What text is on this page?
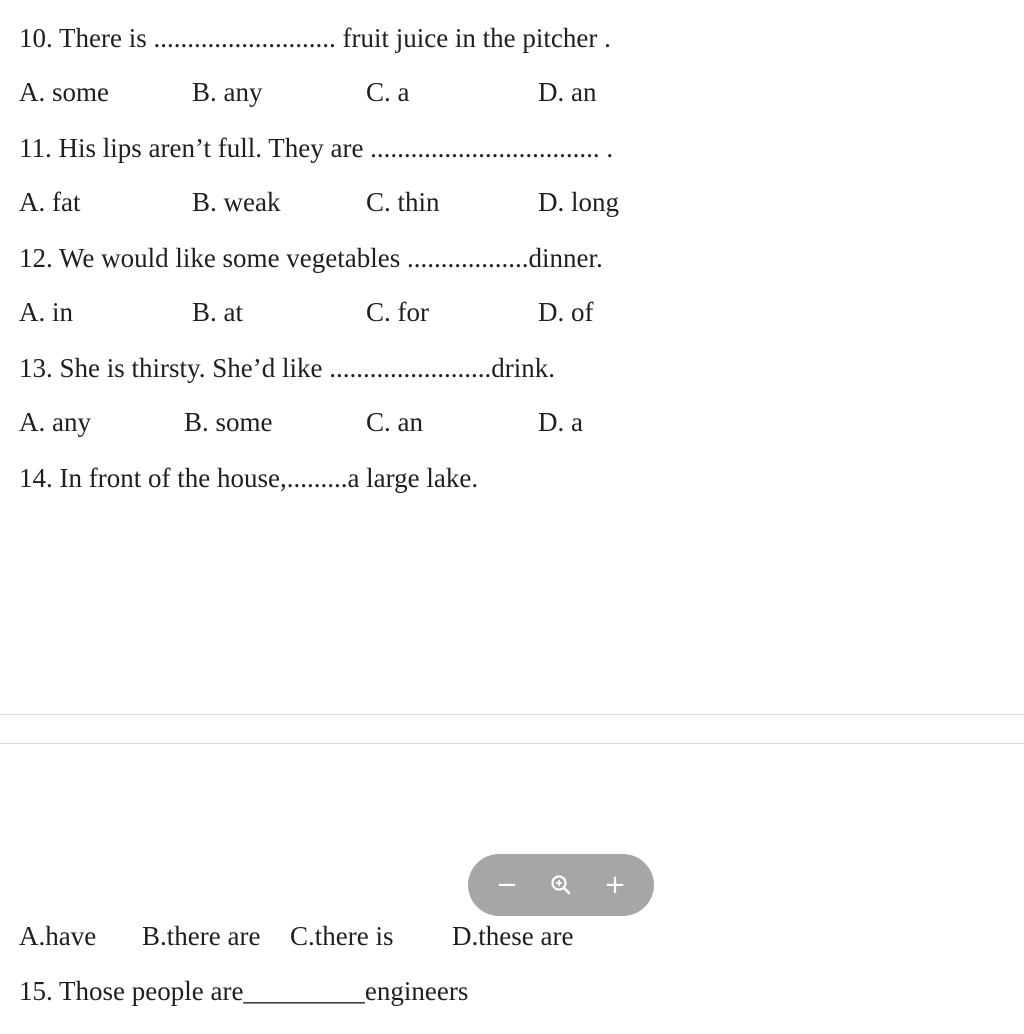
10. There is ........................... fruit juice in the pitcher .
A. some	B. any	C. a	D. an
11. His lips aren’t full. They are .................................. .
A. fat	B. weak	C. thin	D. long
12. We would like some vegetables ..................dinner.
A. in	B. at	C. for	D. of
13. She is thirsty. She’d like ........................drink.
A. any	B. some	C. an	D. a
14. In front of the house,.........a large lake.
−	+
A.have B.there are C.there is D.these are
15. Those people are_________engineers
